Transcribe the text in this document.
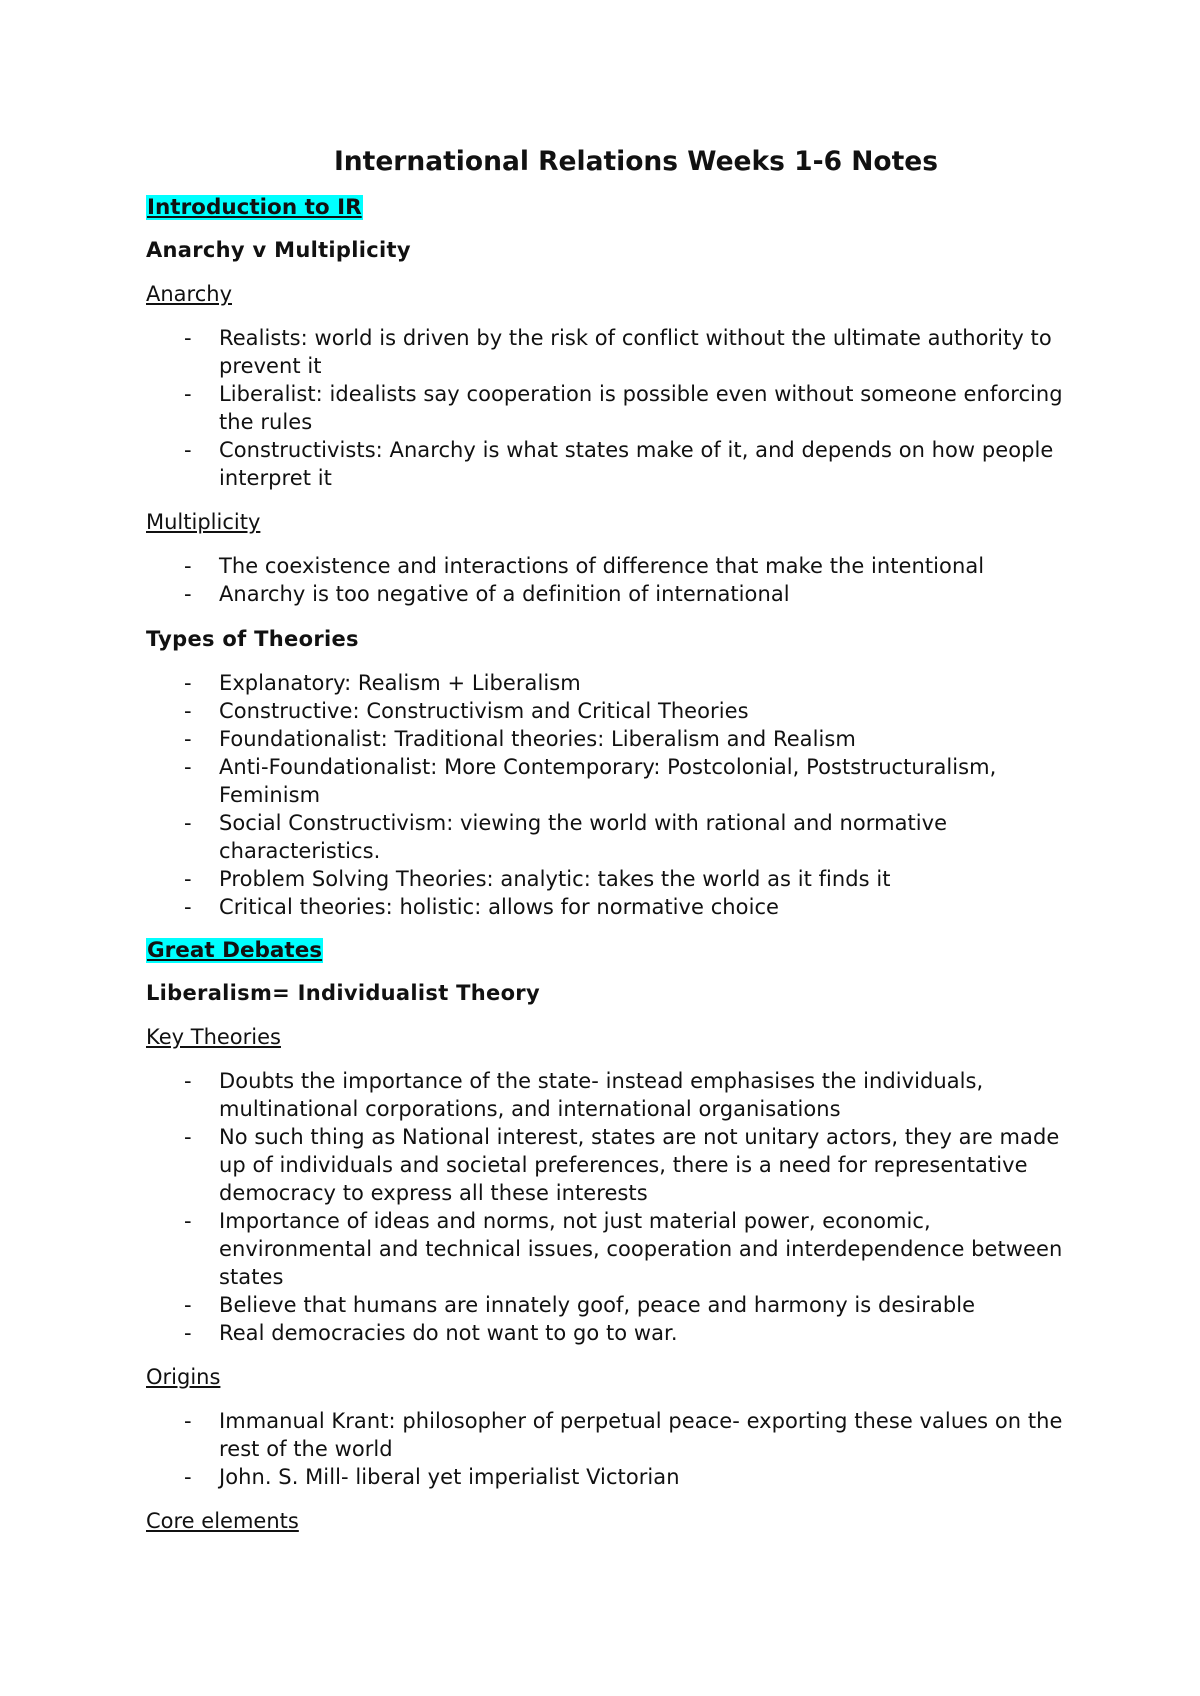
International Relations Weeks 1-6 Notes
Introduction to IR
Anarchy v Multiplicity
Anarchy
- Realists: world is driven by the risk of conflict without the ultimate authority to prevent it
- Liberalist: idealists say cooperation is possible even without someone enforcing the rules
- Constructivists: Anarchy is what states make of it, and depends on how people interpret it
Multiplicity
- The coexistence and interactions of difference that make the intentional
- Anarchy is too negative of a definition of international
Types of Theories
- Explanatory: Realism + Liberalism
- Constructive: Constructivism and Critical Theories
- Foundationalist: Traditional theories: Liberalism and Realism
- Anti-Foundationalist: More Contemporary: Postcolonial, Poststructuralism, Feminism
- Social Constructivism: viewing the world with rational and normative characteristics.
- Problem Solving Theories: analytic: takes the world as it finds it
- Critical theories: holistic: allows for normative choice
Great Debates
Liberalism= Individualist Theory
Key Theories
- Doubts the importance of the state- instead emphasises the individuals, multinational corporations, and international organisations
- No such thing as National interest, states are not unitary actors, they are made up of individuals and societal preferences, there is a need for representative democracy to express all these interests
- Importance of ideas and norms, not just material power, economic, environmental and technical issues, cooperation and interdependence between states
- Believe that humans are innately goof, peace and harmony is desirable
- Real democracies do not want to go to war.
Origins
- Immanual Krant: philosopher of perpetual peace- exporting these values on the rest of the world
- John. S. Mill- liberal yet imperialist Victorian
Core elements
